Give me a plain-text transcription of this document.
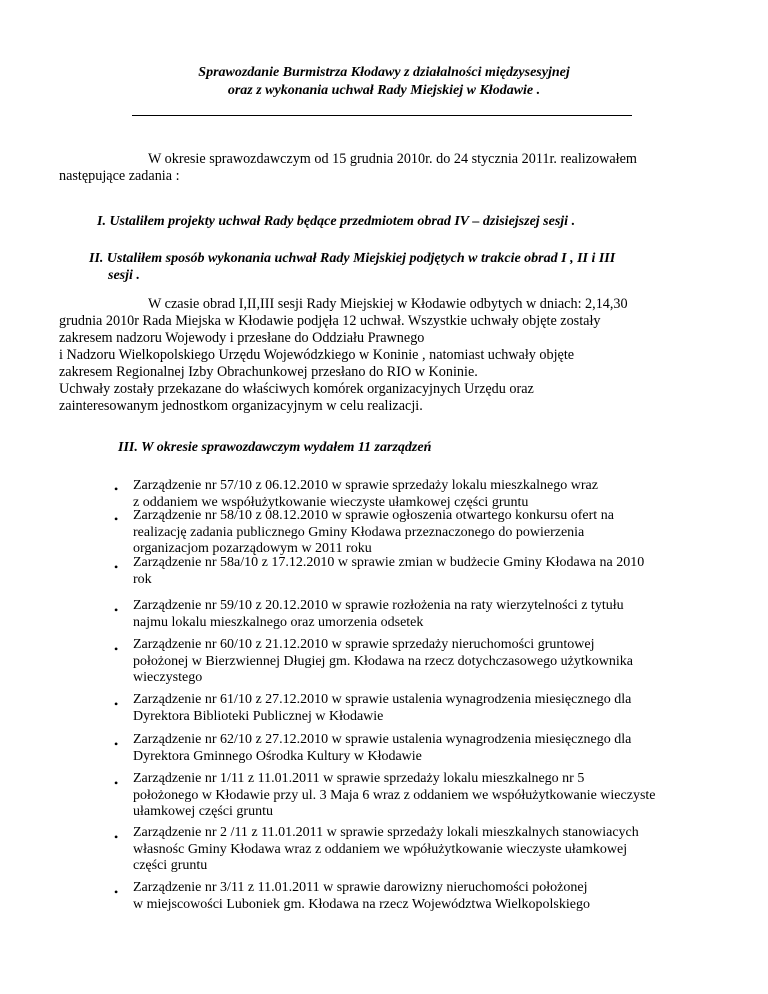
Sprawozdanie Burmistrza Kłodawy z działalności międzysesyjnej
oraz z wykonania uchwał Rady Miejskiej w Kłodawie .
W okresie sprawozdawczym od 15 grudnia 2010r. do 24 stycznia 2011r. realizowałem
następujące zadania :
I. Ustaliłem projekty uchwał Rady będące przedmiotem obrad IV – dzisiejszej sesji .
II. Ustaliłem sposób wykonania uchwał Rady Miejskiej podjętych w trakcie obrad I , II i III
sesji .
W czasie obrad I,II,III sesji Rady Miejskiej w Kłodawie odbytych w dniach: 2,14,30
grudnia 2010r Rada Miejska w Kłodawie podjęła 12 uchwał. Wszystkie uchwały objęte zostały
zakresem nadzoru Wojewody i przesłane do Oddziału Prawnego
i Nadzoru Wielkopolskiego Urzędu Wojewódzkiego w Koninie , natomiast uchwały objęte
zakresem Regionalnej Izby Obrachunkowej przesłano do RIO w Koninie.
Uchwały zostały przekazane do właściwych komórek organizacyjnych Urzędu oraz
zainteresowanym jednostkom organizacyjnym w celu realizacji.
III. W okresie sprawozdawczym wydałem 11 zarządzeń
• Zarządzenie nr 57/10 z 06.12.2010 w sprawie sprzedaży lokalu mieszkalnego wraz
z oddaniem we współużytkowanie wieczyste ułamkowej części gruntu
• Zarządzenie nr 58/10 z 08.12.2010 w sprawie ogłoszenia otwartego konkursu ofert na
realizację zadania publicznego Gminy Kłodawa przeznaczonego do powierzenia
organizacjom pozarządowym w 2011 roku
• Zarządzenie nr 58a/10 z 17.12.2010 w sprawie zmian w budżecie Gminy Kłodawa na 2010
rok
• Zarządzenie nr 59/10 z 20.12.2010 w sprawie rozłożenia na raty wierzytelności z tytułu
najmu lokalu mieszkalnego oraz umorzenia odsetek
• Zarządzenie nr 60/10 z 21.12.2010 w sprawie sprzedaży nieruchomości gruntowej
położonej w Bierzwiennej Długiej gm. Kłodawa na rzecz dotychczasowego użytkownika
wieczystego
• Zarządzenie nr 61/10 z 27.12.2010 w sprawie ustalenia wynagrodzenia miesięcznego dla
Dyrektora Biblioteki Publicznej w Kłodawie
• Zarządzenie nr 62/10 z 27.12.2010 w sprawie ustalenia wynagrodzenia miesięcznego dla
Dyrektora Gminnego Ośrodka Kultury w Kłodawie
• Zarządzenie nr 1/11 z 11.01.2011 w sprawie sprzedaży lokalu mieszkalnego nr 5
położonego w Kłodawie przy ul. 3 Maja 6 wraz z oddaniem we współużytkowanie wieczyste
ułamkowej części gruntu
• Zarządzenie nr 2 /11 z 11.01.2011 w sprawie sprzedaży lokali mieszkalnych stanowiacych
własnośc Gminy Kłodawa wraz z oddaniem we wpółużytkowanie wieczyste ułamkowej
części gruntu
• Zarządzenie nr 3/11 z 11.01.2011 w sprawie darowizny nieruchomości położonej
w miejscowości Luboniek gm. Kłodawa na rzecz Województwa Wielkopolskiego
